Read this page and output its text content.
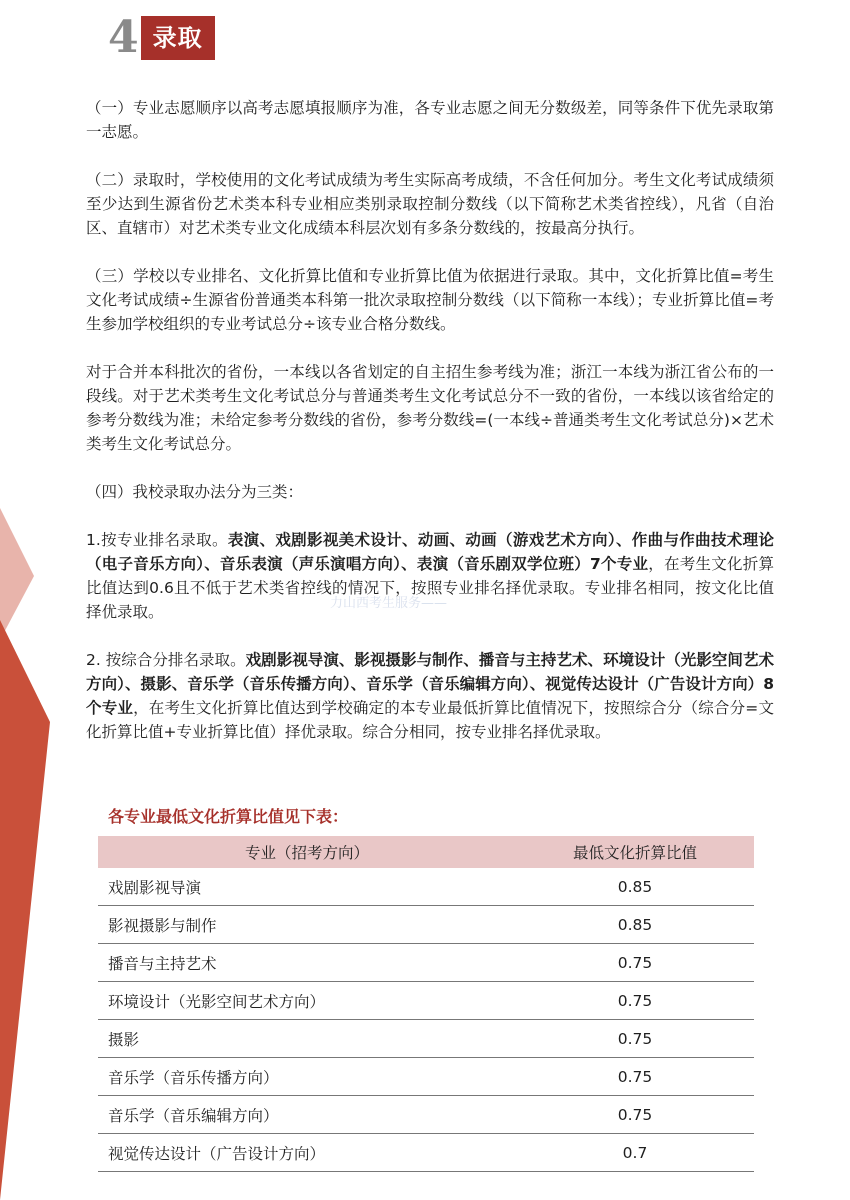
4 录取
力山西考生服务——

（一）专业志愿顺序以高考志愿填报顺序为准，各专业志愿之间无分数级差，同等条件下优先录取第一志愿。

（二）录取时，学校使用的文化考试成绩为考生实际高考成绩，不含任何加分。考生文化考试成绩须至少达到生源省份艺术类本科专业相应类别录取控制分数线（以下简称艺术类省控线），凡省（自治区、直辖市）对艺术类专业文化成绩本科层次划有多条分数线的，按最高分执行。

（三）学校以专业排名、文化折算比值和专业折算比值为依据进行录取。其中，文化折算比值=考生文化考试成绩÷生源省份普通类本科第一批次录取控制分数线（以下简称一本线）；专业折算比值=考生参加学校组织的专业考试总分÷该专业合格分数线。

对于合并本科批次的省份，一本线以各省划定的自主招生参考线为准；浙江一本线为浙江省公布的一段线。对于艺术类考生文化考试总分与普通类考生文化考试总分不一致的省份，一本线以该省给定的参考分数线为准；未给定参考分数线的省份，参考分数线=(一本线÷普通类考生文化考试总分)×艺术类考生文化考试总分。

（四）我校录取办法分为三类：

1.按专业排名录取。表演、戏剧影视美术设计、动画、动画（游戏艺术方向）、作曲与作曲技术理论（电子音乐方向）、音乐表演（声乐演唱方向）、表演（音乐剧双学位班）7个专业，在考生文化折算比值达到0.6且不低于艺术类省控线的情况下，按照专业排名择优录取。专业排名相同，按文化比值择优录取。

2. 按综合分排名录取。戏剧影视导演、影视摄影与制作、播音与主持艺术、环境设计（光影空间艺术方向）、摄影、音乐学（音乐传播方向）、音乐学（音乐编辑方向）、视觉传达设计（广告设计方向）8个专业，在考生文化折算比值达到学校确定的本专业最低折算比值情况下，按照综合分（综合分=文化折算比值+专业折算比值）择优录取。综合分相同，按专业排名择优录取。

各专业最低文化折算比值见下表：
专业（招考方向）	最低文化折算比值
戏剧影视导演	0.85
影视摄影与制作	0.85
播音与主持艺术	0.75
环境设计（光影空间艺术方向）	0.75
摄影	0.75
音乐学（音乐传播方向）	0.75
音乐学（音乐编辑方向）	0.75
视觉传达设计（广告设计方向）	0.7
